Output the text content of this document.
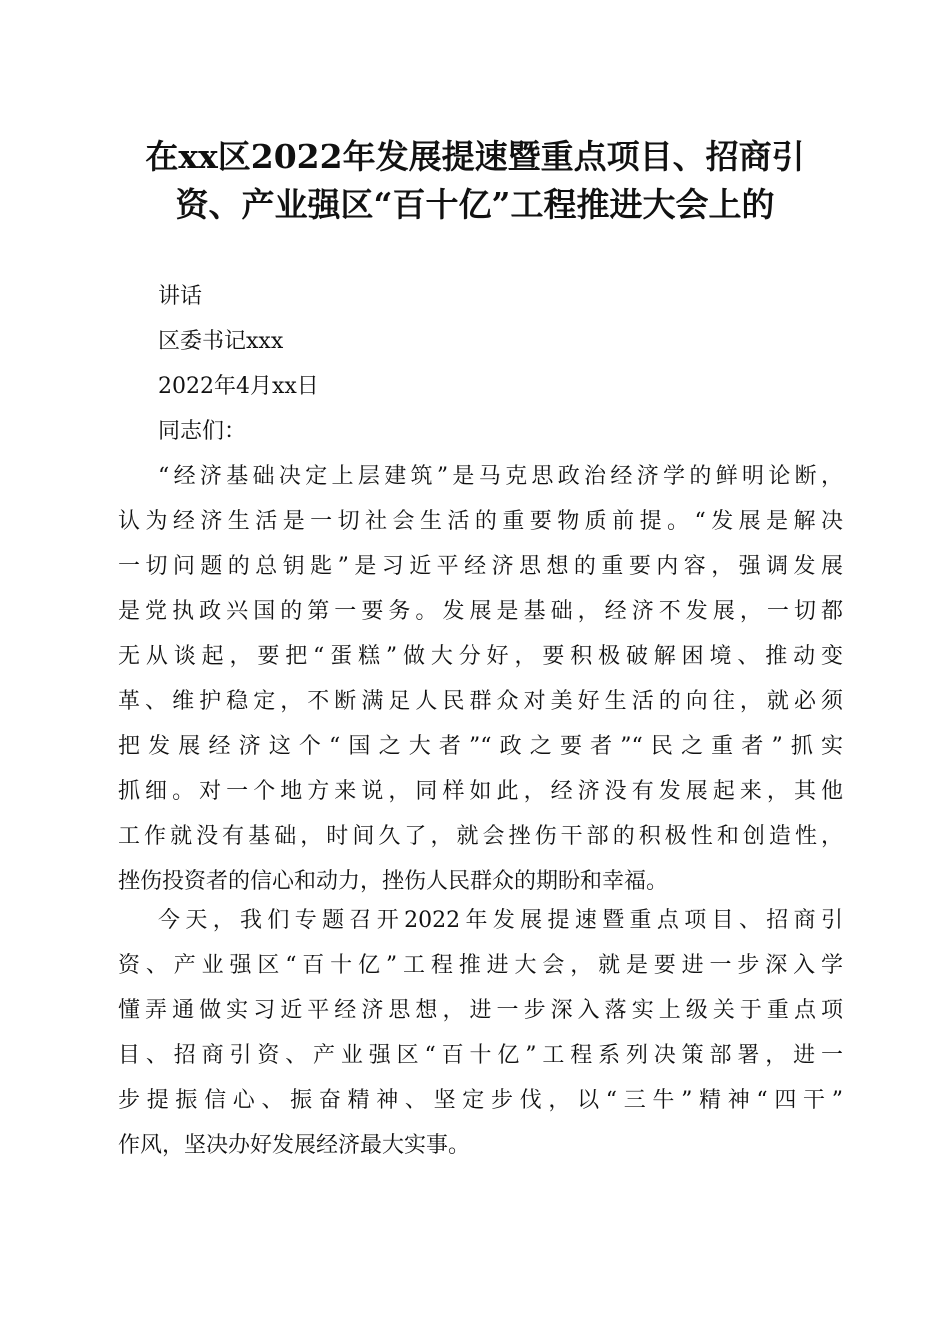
在xx区2022年发展提速暨重点项目、招商引
资、产业强区“百十亿”工程推进大会上的
讲话
区委书记xxx
2022年4月xx日
同志们：
“经济基础决定上层建筑”是马克思政治经济学的鲜明论断，
认为经济生活是一切社会生活的重要物质前提。“发展是解决
一切问题的总钥匙”是习近平经济思想的重要内容，强调发展
是党执政兴国的第一要务。发展是基础，经济不发展，一切都
无从谈起，要把“蛋糕”做大分好，要积极破解困境、推动变
革、维护稳定，不断满足人民群众对美好生活的向往，就必须
把发展经济这个“国之大者”“政之要者”“民之重者”抓实
抓细。对一个地方来说，同样如此，经济没有发展起来，其他
工作就没有基础，时间久了，就会挫伤干部的积极性和创造性，
挫伤投资者的信心和动力，挫伤人民群众的期盼和幸福。
今天，我们专题召开2022年发展提速暨重点项目、招商引
资、产业强区“百十亿”工程推进大会，就是要进一步深入学
懂弄通做实习近平经济思想，进一步深入落实上级关于重点项
目、招商引资、产业强区“百十亿”工程系列决策部署，进一
步提振信心、振奋精神、坚定步伐，以“三牛”精神“四干”
作风，坚决办好发展经济最大实事。
